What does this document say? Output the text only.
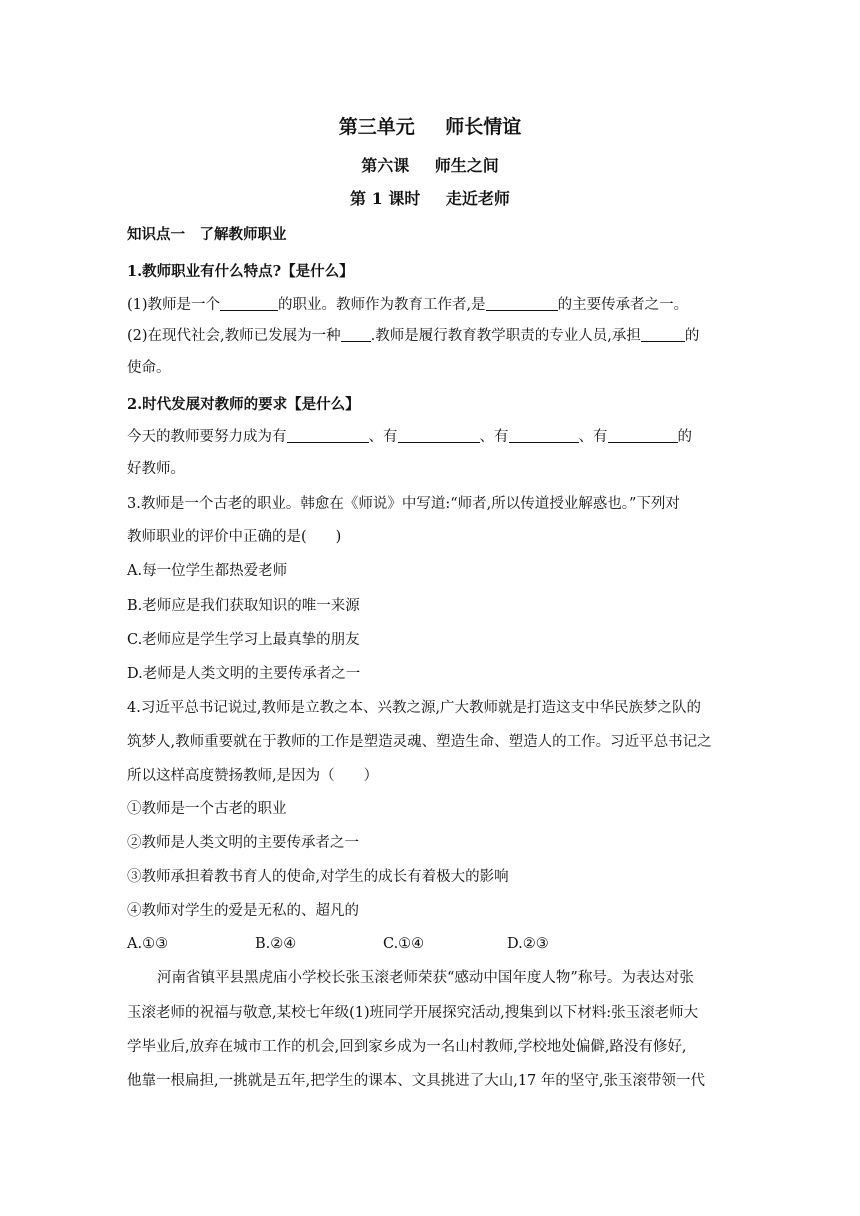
第三单元 师长情谊
第六课 师生之间
第 1 课时 走近老师
知识点一　了解教师职业
1.教师职业有什么特点?【是什么】
(1)教师是一个	的职业。教师作为教育工作者,是	的主要传承者之一。
(2)在现代社会,教师已发展为一种 .教师是履行教育教学职责的专业人员,承担	的
使命。
2.时代发展对教师的要求【是什么】
今天的教师要努力成为有	、有	、有	、有	的
好教师。
3.教师是一个古老的职业。韩愈在《师说》中写道:“师者,所以传道授业解惑也。”下列对
教师职业的评价中正确的是(　　)
A.每一位学生都热爱老师
B.老师应是我们获取知识的唯一来源
C.老师应是学生学习上最真挚的朋友
D.老师是人类文明的主要传承者之一
4.习近平总书记说过,教师是立教之本、兴教之源,广大教师就是打造这支中华民族梦之队的
筑梦人,教师重要就在于教师的工作是塑造灵魂、塑造生命、塑造人的工作。习近平总书记之
所以这样高度赞扬教师,是因为（　　）
①教师是一个古老的职业
②教师是人类文明的主要传承者之一
③教师承担着教书育人的使命,对学生的成长有着极大的影响
④教师对学生的爱是无私的、超凡的
A.①③	B.②④	C.①④	D.②③
河南省镇平县黑虎庙小学校长张玉滚老师荣获“感动中国年度人物”称号。为表达对张
玉滚老师的祝福与敬意,某校七年级(1)班同学开展探究活动,搜集到以下材料:张玉滚老师大
学毕业后,放弃在城市工作的机会,回到家乡成为一名山村教师,学校地处偏僻,路没有修好,
他靠一根扁担,一挑就是五年,把学生的课本、文具挑进了大山,17 年的坚守,张玉滚带领一代
